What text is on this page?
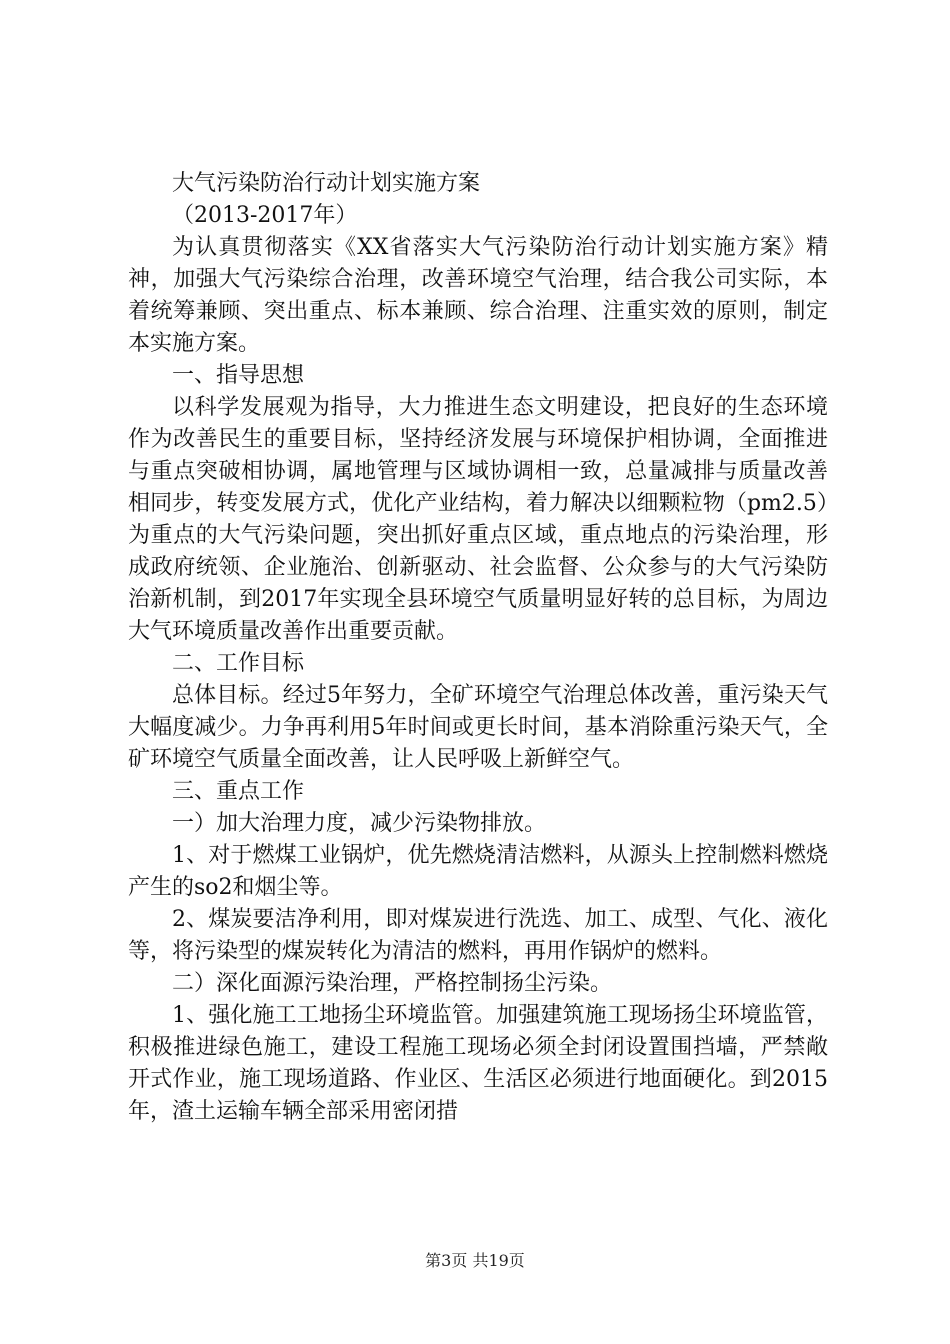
大气污染防治行动计划实施方案

（2013-2017年）

为认真贯彻落实《XX省落实大气污染防治行动计划实施方案》精神，加强大气污染综合治理，改善环境空气治理，结合我公司实际，本着统筹兼顾、突出重点、标本兼顾、综合治理、注重实效的原则，制定本实施方案。

一、指导思想

以科学发展观为指导，大力推进生态文明建设，把良好的生态环境作为改善民生的重要目标，坚持经济发展与环境保护相协调，全面推进与重点突破相协调，属地管理与区域协调相一致，总量减排与质量改善相同步，转变发展方式，优化产业结构，着力解决以细颗粒物（pm2.5）为重点的大气污染问题，突出抓好重点区域，重点地点的污染治理，形成政府统领、企业施治、创新驱动、社会监督、公众参与的大气污染防治新机制，到2017年实现全县环境空气质量明显好转的总目标，为周边大气环境质量改善作出重要贡献。

二、工作目标

总体目标。经过5年努力，全矿环境空气治理总体改善，重污染天气大幅度减少。力争再利用5年时间或更长时间，基本消除重污染天气，全矿环境空气质量全面改善，让人民呼吸上新鲜空气。

三、重点工作

一）加大治理力度，减少污染物排放。

1、对于燃煤工业锅炉，优先燃烧清洁燃料，从源头上控制燃料燃烧产生的so2和烟尘等。

2、煤炭要洁净利用，即对煤炭进行洗选、加工、成型、气化、液化等，将污染型的煤炭转化为清洁的燃料，再用作锅炉的燃料。

二）深化面源污染治理，严格控制扬尘污染。

1、强化施工工地扬尘环境监管。加强建筑施工现场扬尘环境监管，积极推进绿色施工，建设工程施工现场必须全封闭设置围挡墙，严禁敞开式作业，施工现场道路、作业区、生活区必须进行地面硬化。到2015年，渣土运输车辆全部采用密闭措

第3页 共19页
